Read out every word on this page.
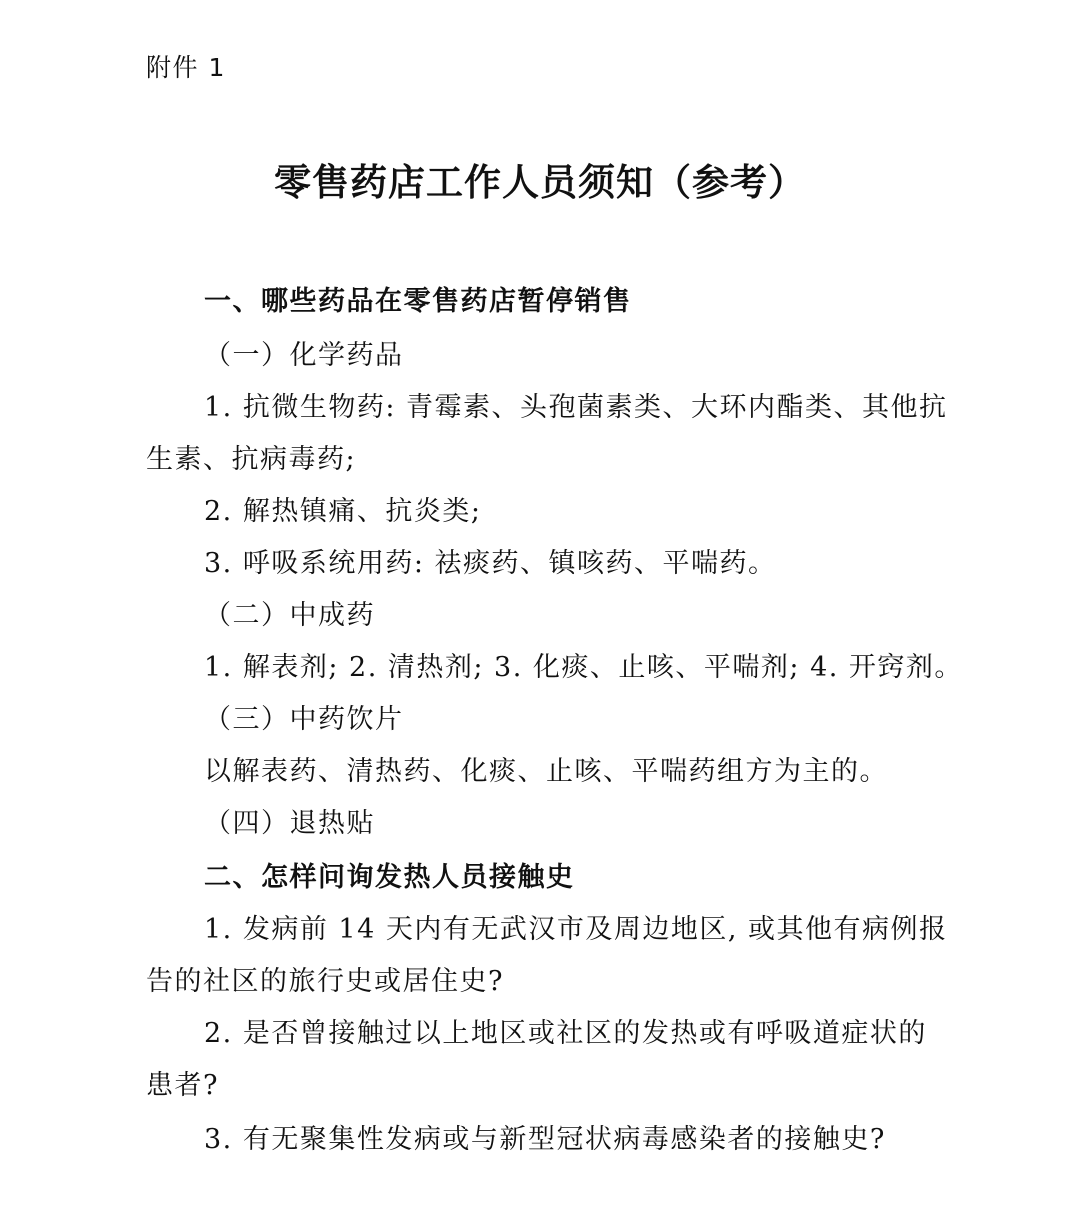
附件 1
零售药店工作人员须知（参考）
一、哪些药品在零售药店暂停销售
（一）化学药品
1. 抗微生物药: 青霉素、头孢菌素类、大环内酯类、其他抗
生素、抗病毒药;
2. 解热镇痛、抗炎类;
3. 呼吸系统用药: 祛痰药、镇咳药、平喘药。
（二）中成药
1. 解表剂; 2. 清热剂; 3. 化痰、止咳、平喘剂; 4. 开窍剂。
（三）中药饮片
以解表药、清热药、化痰、止咳、平喘药组方为主的。
（四）退热贴
二、怎样问询发热人员接触史
1. 发病前 14 天内有无武汉市及周边地区, 或其他有病例报
告的社区的旅行史或居住史?
2. 是否曾接触过以上地区或社区的发热或有呼吸道症状的
患者?
3. 有无聚集性发病或与新型冠状病毒感染者的接触史?
